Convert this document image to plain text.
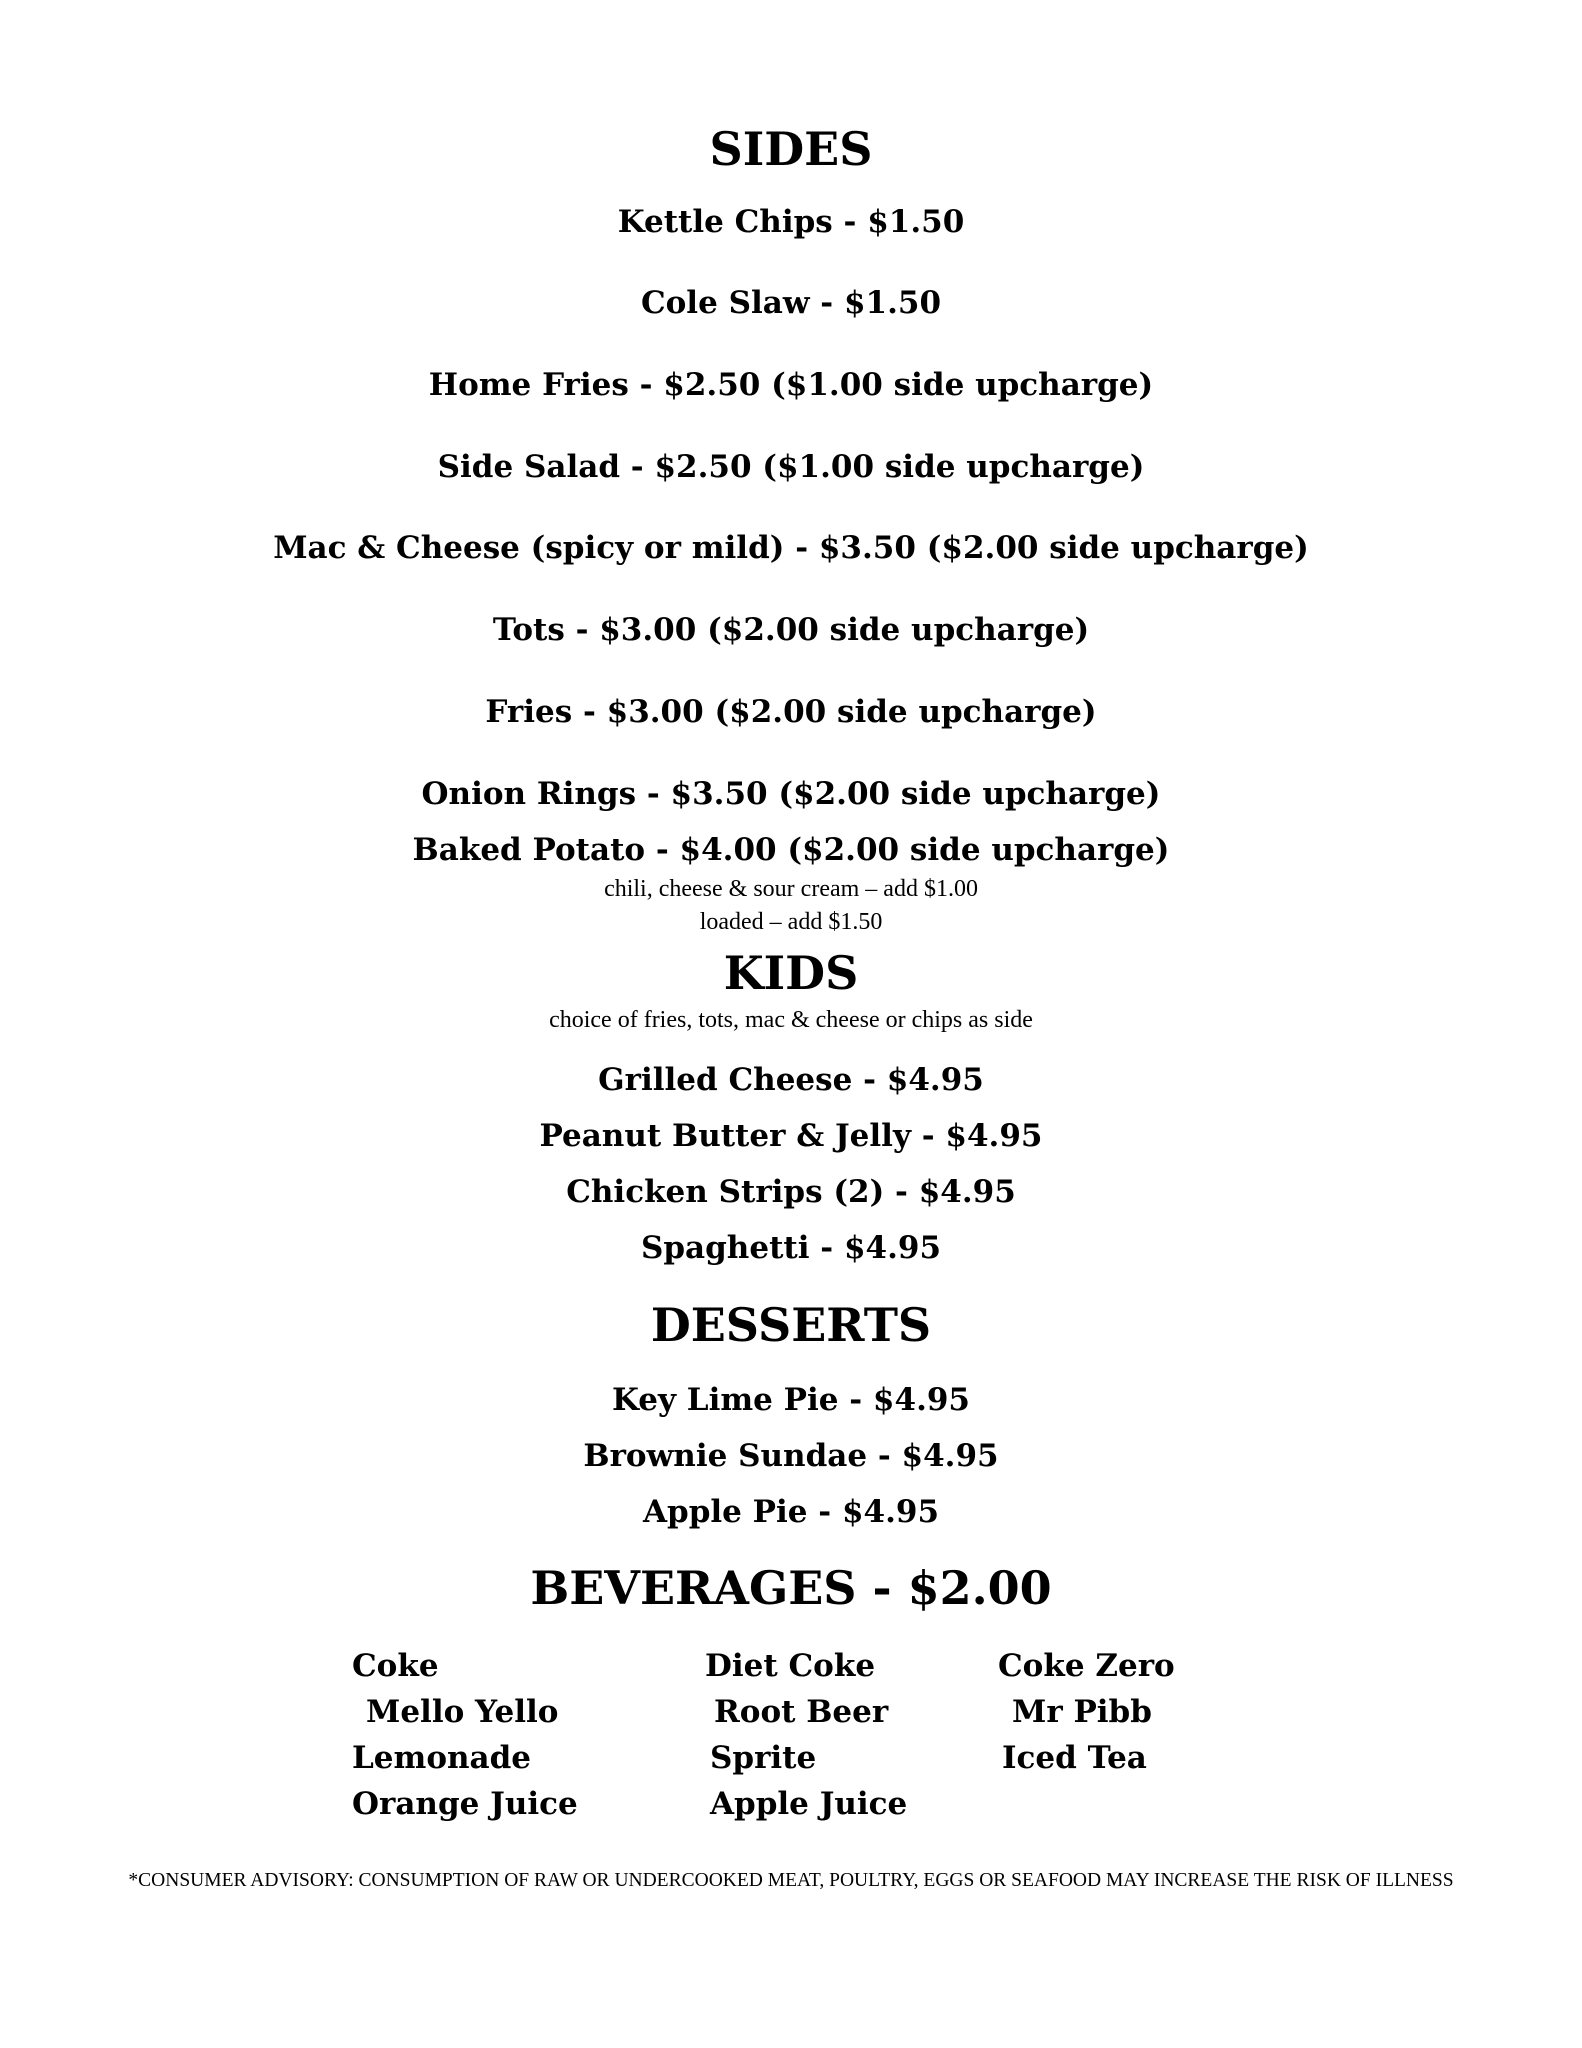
SIDES
Kettle Chips - $1.50
Cole Slaw - $1.50
Home Fries - $2.50 ($1.00 side upcharge)
Side Salad - $2.50 ($1.00 side upcharge)
Mac & Cheese (spicy or mild) - $3.50 ($2.00 side upcharge)
Tots - $3.00 ($2.00 side upcharge)
Fries - $3.00 ($2.00 side upcharge)
Onion Rings - $3.50 ($2.00 side upcharge)
Baked Potato - $4.00 ($2.00 side upcharge)
chili, cheese & sour cream – add $1.00
loaded – add $1.50
KIDS
choice of fries, tots, mac & cheese or chips as side
Grilled Cheese - $4.95
Peanut Butter & Jelly - $4.95
Chicken Strips (2) - $4.95
Spaghetti - $4.95
DESSERTS
Key Lime Pie - $4.95
Brownie Sundae - $4.95
Apple Pie - $4.95
BEVERAGES - $2.00
Coke	Diet Coke	Coke Zero
Mello Yello	Root Beer	Mr Pibb
Lemonade	Sprite	Iced Tea
Orange Juice	Apple Juice
*CONSUMER ADVISORY: CONSUMPTION OF RAW OR UNDERCOOKED MEAT, POULTRY, EGGS OR SEAFOOD MAY INCREASE THE RISK OF ILLNESS
